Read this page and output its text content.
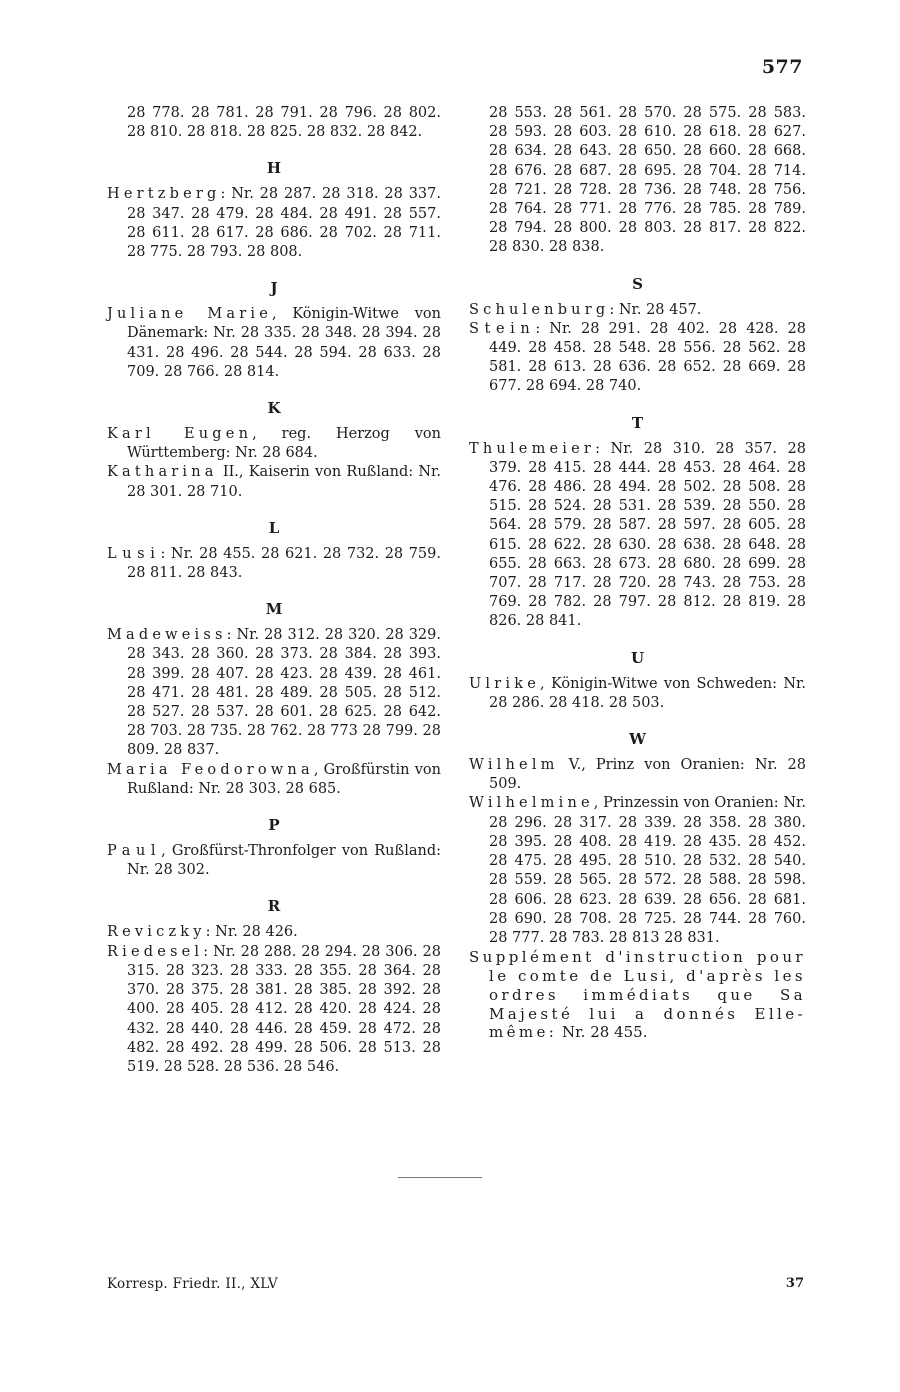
577
28 778. 28 781. 28 791. 28 796. 28 802. 28 810. 28 818. 28 825. 28 832. 28 842.
H
Hertzberg: Nr. 28 287. 28 318. 28 337. 28 347. 28 479. 28 484. 28 491. 28 557. 28 611. 28 617. 28 686. 28 702. 28 711. 28 775. 28 793. 28 808.
J
Juliane Marie, Königin-Witwe von Dänemark: Nr. 28 335. 28 348. 28 394. 28 431. 28 496. 28 544. 28 594. 28 633. 28 709. 28 766. 28 814.
K
Karl Eugen, reg. Herzog von Württemberg: Nr. 28 684.
Katharina II., Kaiserin von Rußland: Nr. 28 301. 28 710.
L
Lusi: Nr. 28 455. 28 621. 28 732. 28 759. 28 811. 28 843.
M
Madeweiss: Nr. 28 312. 28 320. 28 329. 28 343. 28 360. 28 373. 28 384. 28 393. 28 399. 28 407. 28 423. 28 439. 28 461. 28 471. 28 481. 28 489. 28 505. 28 512. 28 527. 28 537. 28 601. 28 625. 28 642. 28 703. 28 735. 28 762. 28 773 28 799. 28 809. 28 837.
Maria Feodorowna, Großfürstin von Rußland: Nr. 28 303. 28 685.
P
Paul, Großfürst-Thronfolger von Rußland: Nr. 28 302.
R
Reviczky: Nr. 28 426.
Riedesel: Nr. 28 288. 28 294. 28 306. 28 315. 28 323. 28 333. 28 355. 28 364. 28 370. 28 375. 28 381. 28 385. 28 392. 28 400. 28 405. 28 412. 28 420. 28 424. 28 432. 28 440. 28 446. 28 459. 28 472. 28 482. 28 492. 28 499. 28 506. 28 513. 28 519. 28 528. 28 536. 28 546.
28 553. 28 561. 28 570. 28 575. 28 583. 28 593. 28 603. 28 610. 28 618. 28 627. 28 634. 28 643. 28 650. 28 660. 28 668. 28 676. 28 687. 28 695. 28 704. 28 714. 28 721. 28 728. 28 736. 28 748. 28 756. 28 764. 28 771. 28 776. 28 785. 28 789. 28 794. 28 800. 28 803. 28 817. 28 822. 28 830. 28 838.
S
Schulenburg: Nr. 28 457.
Stein: Nr. 28 291. 28 402. 28 428. 28 449. 28 458. 28 548. 28 556. 28 562. 28 581. 28 613. 28 636. 28 652. 28 669. 28 677. 28 694. 28 740.
T
Thulemeier: Nr. 28 310. 28 357. 28 379. 28 415. 28 444. 28 453. 28 464. 28 476. 28 486. 28 494. 28 502. 28 508. 28 515. 28 524. 28 531. 28 539. 28 550. 28 564. 28 579. 28 587. 28 597. 28 605. 28 615. 28 622. 28 630. 28 638. 28 648. 28 655. 28 663. 28 673. 28 680. 28 699. 28 707. 28 717. 28 720. 28 743. 28 753. 28 769. 28 782. 28 797. 28 812. 28 819. 28 826. 28 841.
U
Ulrike, Königin-Witwe von Schweden: Nr. 28 286. 28 418. 28 503.
W
Wilhelm V., Prinz von Oranien: Nr. 28 509.
Wilhelmine, Prinzessin von Oranien: Nr. 28 296. 28 317. 28 339. 28 358. 28 380. 28 395. 28 408. 28 419. 28 435. 28 452. 28 475. 28 495. 28 510. 28 532. 28 540. 28 559. 28 565. 28 572. 28 588. 28 598. 28 606. 28 623. 28 639. 28 656. 28 681. 28 690. 28 708. 28 725. 28 744. 28 760. 28 777. 28 783. 28 813 28 831.
Supplément d'instruction pour le comte de Lusi, d'après les ordres immédiats que Sa Majesté lui a donnés Elle-même: Nr. 28 455.
Korresp. Friedr. II., XLV	37
